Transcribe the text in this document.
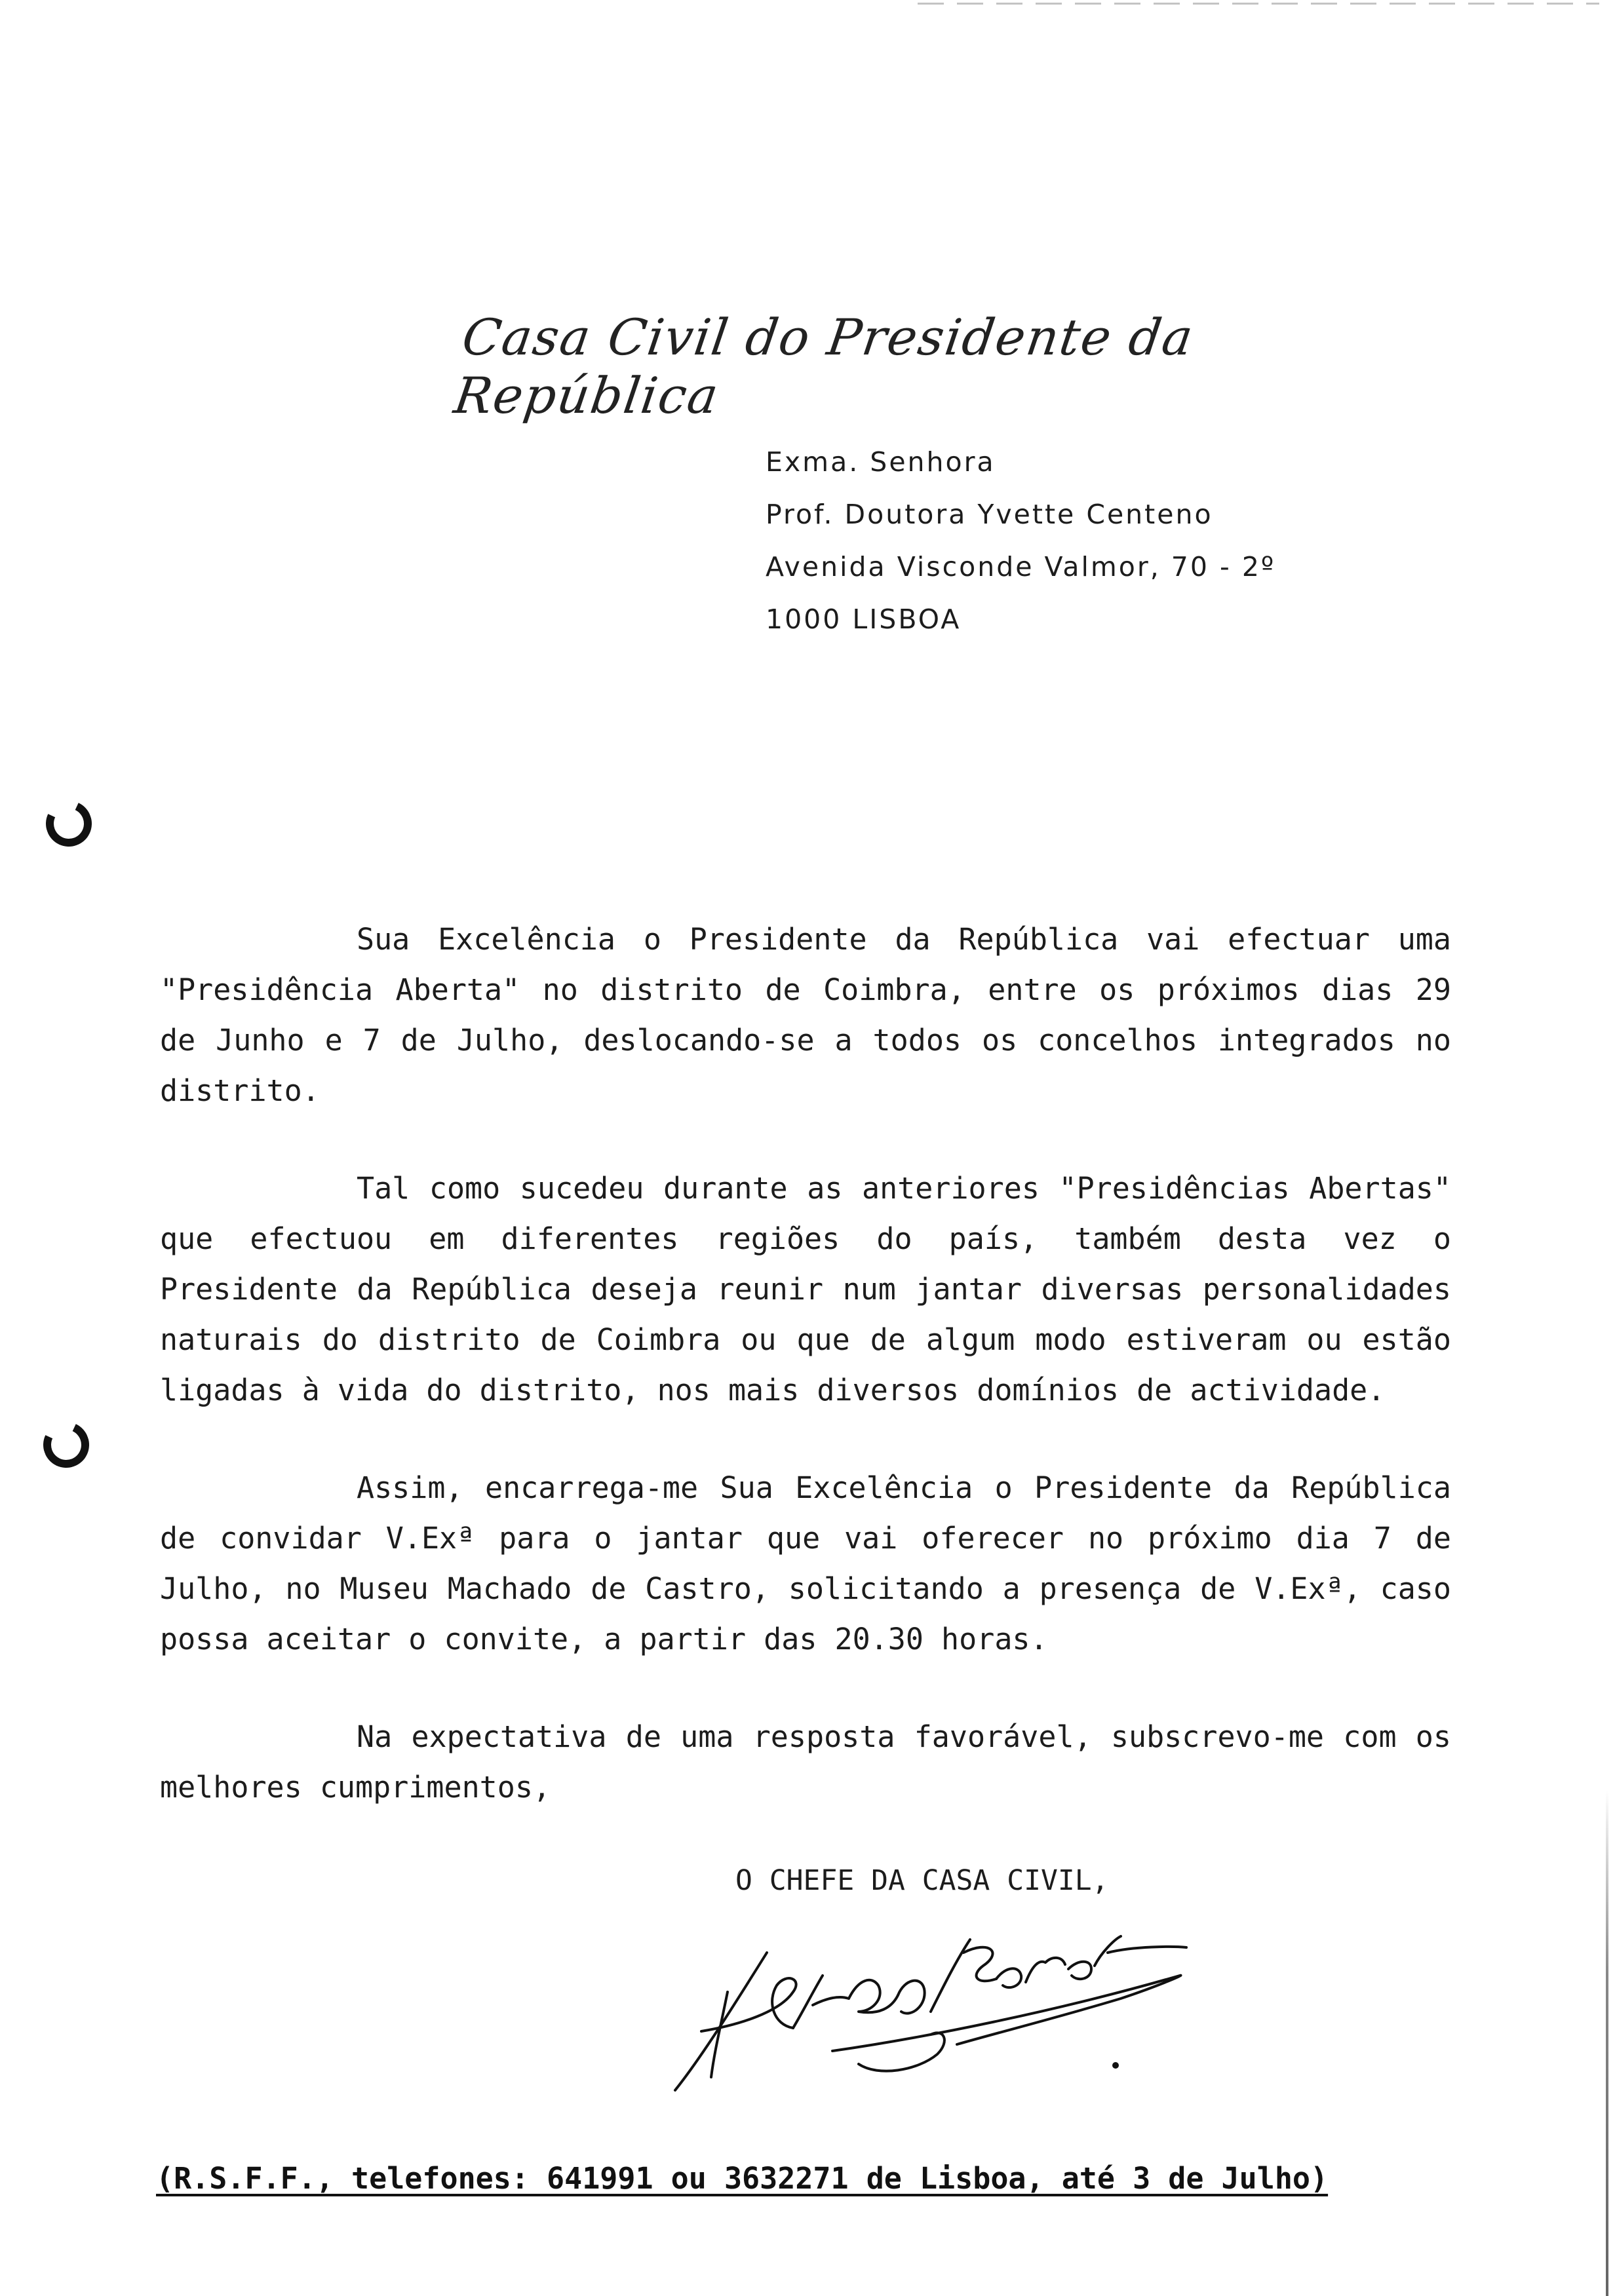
Casa Civil do Presidente da República
Exma. Senhora
Prof. Doutora Yvette Centeno
Avenida Visconde Valmor, 70 - 2º
1000 LISBOA

Sua Excelência o Presidente da República vai efectuar uma "Presidência Aberta" no distrito de Coimbra, entre os próximos dias 29 de Junho e 7 de Julho, deslocando-se a todos os concelhos integrados no distrito.

Tal como sucedeu durante as anteriores "Presidências Abertas" que efectuou em diferentes regiões do país, também desta vez o Presidente da República deseja reunir num jantar diversas personalidades naturais do distrito de Coimbra ou que de algum modo estiveram ou estão ligadas à vida do distrito, nos mais diversos domínios de actividade.

Assim, encarrega-me Sua Excelência o Presidente da República de convidar V.Exª para o jantar que vai oferecer no próximo dia 7 de Julho, no Museu Machado de Castro, solicitando a presença de V.Exª, caso possa aceitar o convite, a partir das 20.30 horas.

Na expectativa de uma resposta favorável, subscrevo-me com os melhores cumprimentos,

O CHEFE DA CASA CIVIL,
(R.S.F.F., telefones: 641991 ou 3632271 de Lisboa, até 3 de Julho)
